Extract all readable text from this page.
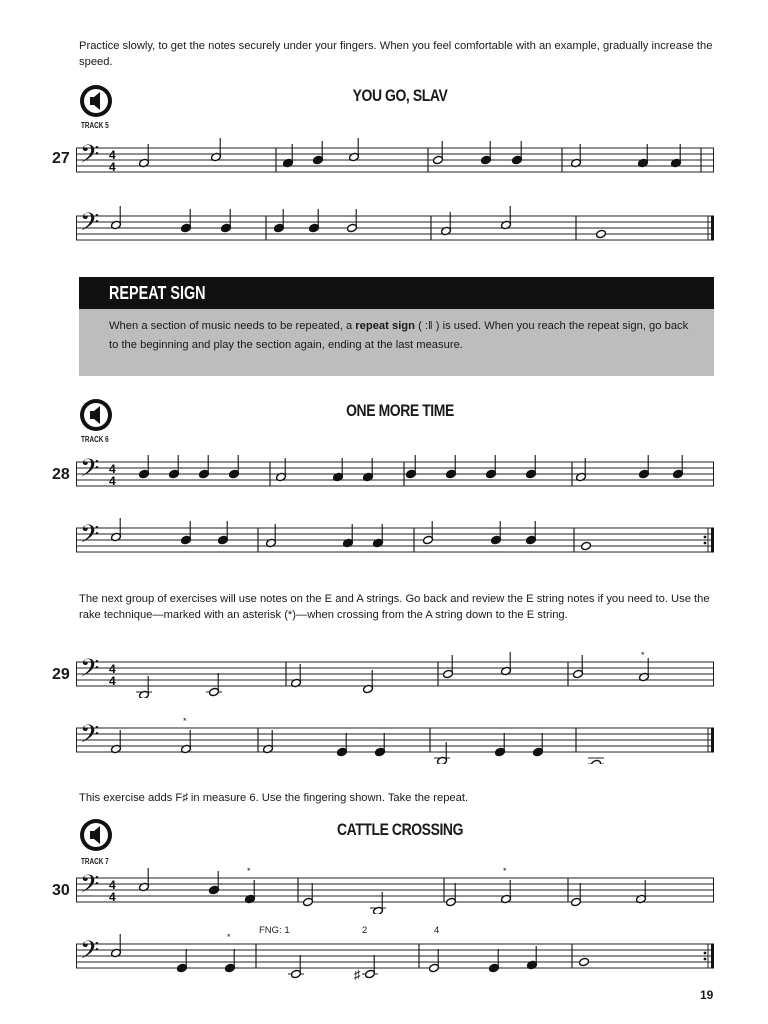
Practice slowly, to get the notes securely under your fingers. When you feel comfortable with an example, gradually increase the speed.
TRACK 5
YOU GO, SLAV
27 𝄢 4
4
𝄢
REPEAT SIGN
When a section of music needs to be repeated, a repeat sign ( :‖ ) is used. When you reach the repeat sign, go back to the beginning and play the section again, ending at the last measure.
TRACK 6
ONE MORE TIME
28 𝄢 4
4
𝄢
The next group of exercises will use notes on the E and A strings. Go back and review the E string notes if you need to. Use the rake technique—marked with an asterisk (*)—when crossing from the A string down to the E string.
29 𝄢 4
4
*
𝄢	*
This exercise adds F♯ in measure 6. Use the fingering shown. Take the repeat.
TRACK 7
CATTLE CROSSING
30 𝄢 4
4
*	*
FNG: 1	2	4
𝄢	*
♯
19
